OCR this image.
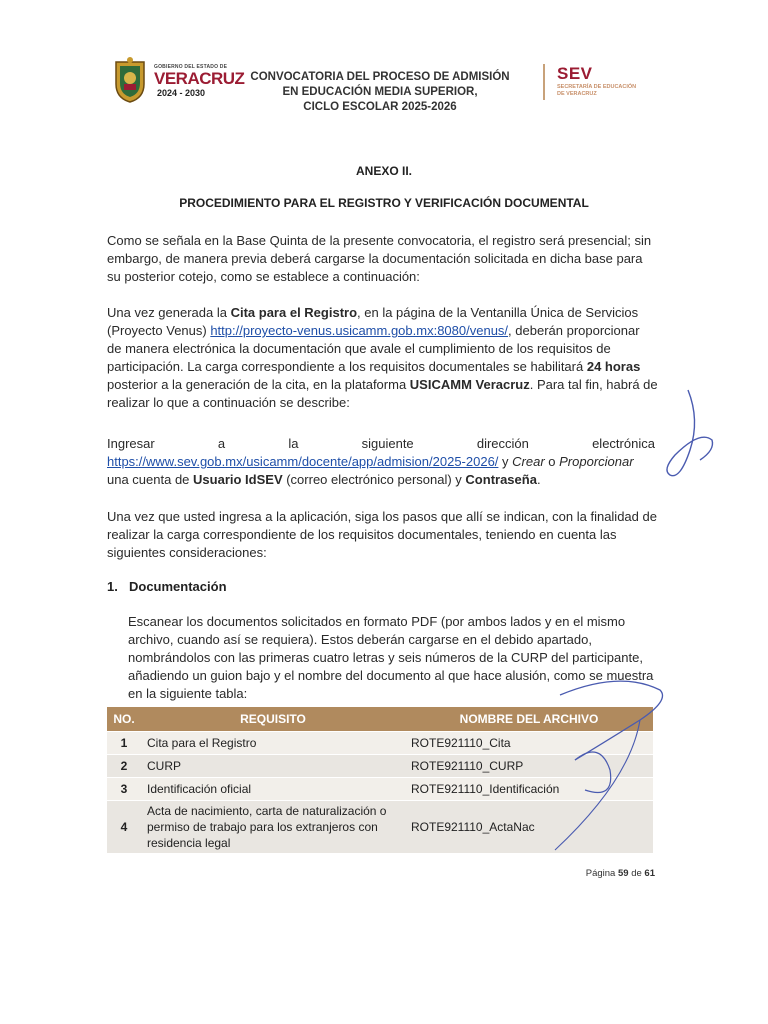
GOBIERNO DEL ESTADO DE
VERACRUZ
2024 - 2030
CONVOCATORIA DEL PROCESO DE ADMISIÓN
EN EDUCACIÓN MEDIA SUPERIOR,
CICLO ESCOLAR 2025-2026
SEV
SECRETARÍA DE EDUCACIÓN
DE VERACRUZ
ANEXO II.
PROCEDIMIENTO PARA EL REGISTRO Y VERIFICACIÓN DOCUMENTAL
Como se señala en la Base Quinta de la presente convocatoria, el registro será presencial; sin
embargo, de manera previa deberá cargarse la documentación solicitada en dicha base para
su posterior cotejo, como se establece a continuación:
Una vez generada la Cita para el Registro, en la página de la Ventanilla Única de Servicios
(Proyecto Venus) http://proyecto-venus.usicamm.gob.mx:8080/venus/, deberán proporcionar
de manera electrónica la documentación que avale el cumplimiento de los requisitos de
participación. La carga correspondiente a los requisitos documentales se habilitará 24 horas
posterior a la generación de la cita, en la plataforma USICAMM Veracruz. Para tal fin, habrá de
realizar lo que a continuación se describe:
Ingresar	a	la	siguiente	dirección	electrónica
https://www.sev.gob.mx/usicamm/docente/app/admision/2025-2026/ y Crear o Proporcionar
una cuenta de Usuario IdSEV (correo electrónico personal) y Contraseña.
Una vez que usted ingresa a la aplicación, siga los pasos que allí se indican, con la finalidad de
realizar la carga correspondiente de los requisitos documentales, teniendo en cuenta las
siguientes consideraciones:
1. Documentación
Escanear los documentos solicitados en formato PDF (por ambos lados y en el mismo
archivo, cuando así se requiera). Estos deberán cargarse en el debido apartado,
nombrándolos con las primeras cuatro letras y seis números de la CURP del participante,
añadiendo un guion bajo y el nombre del documento al que hace alusión, como se muestra
en la siguiente tabla:
NO.	REQUISITO	NOMBRE DEL ARCHIVO
1	Cita para el Registro	ROTE921110_Cita
2	CURP	ROTE921110_CURP
3	Identificación oficial	ROTE921110_Identificación
4	Acta de nacimiento, carta de naturalización o
permiso de trabajo para los extranjeros con
residencia legal	ROTE921110_ActaNac
Página 59 de 61
